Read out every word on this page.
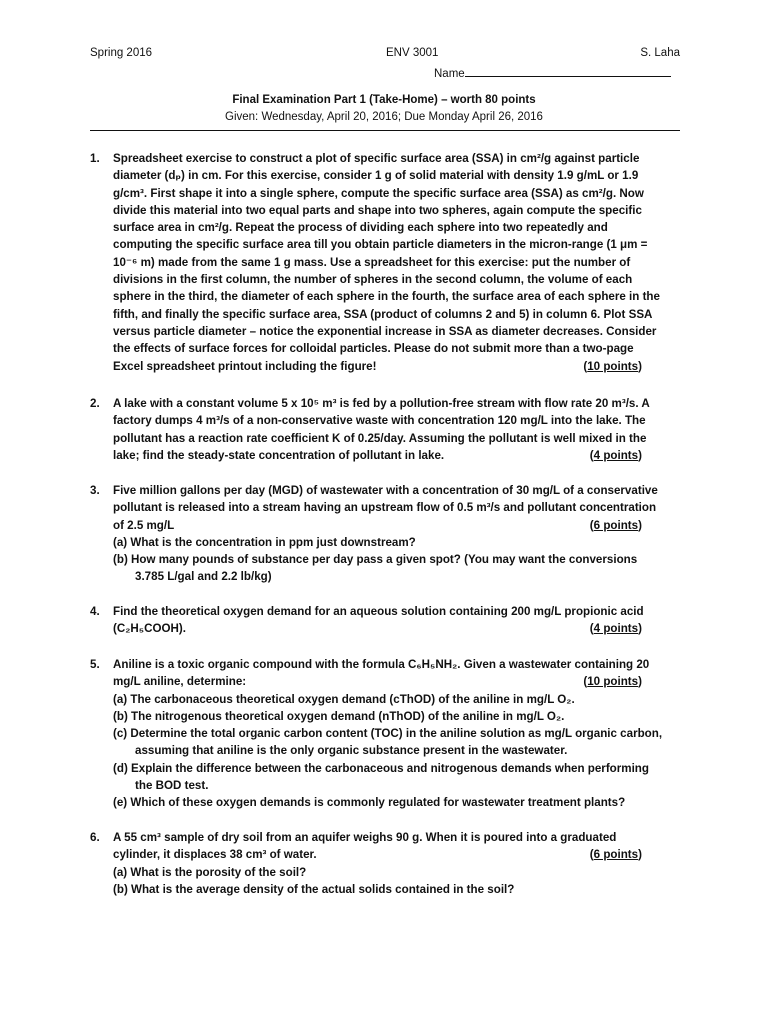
Spring 2016	ENV 3001	S. Laha
Name
Final Examination Part 1 (Take-Home) – worth 80 points
Given: Wednesday, April 20, 2016; Due Monday April 26, 2016
1.	Spreadsheet exercise to construct a plot of specific surface area (SSA) in cm²/g against particle
diameter (dₚ) in cm. For this exercise, consider 1 g of solid material with density 1.9 g/mL or 1.9
g/cm³. First shape it into a single sphere, compute the specific surface area (SSA) as cm²/g. Now
divide this material into two equal parts and shape into two spheres, again compute the specific
surface area in cm²/g. Repeat the process of dividing each sphere into two repeatedly and
computing the specific surface area till you obtain particle diameters in the micron-range (1 μm =
10⁻⁶ m) made from the same 1 g mass. Use a spreadsheet for this exercise: put the number of
divisions in the first column, the number of spheres in the second column, the volume of each
sphere in the third, the diameter of each sphere in the fourth, the surface area of each sphere in the
fifth, and finally the specific surface area, SSA (product of columns 2 and 5) in column 6. Plot SSA
versus particle diameter – notice the exponential increase in SSA as diameter decreases. Consider
the effects of surface forces for colloidal particles. Please do not submit more than a two-page
Excel spreadsheet printout including the figure!	(10 points)
2.	A lake with a constant volume 5 x 10⁵ m³ is fed by a pollution-free stream with flow rate 20 m³/s. A
factory dumps 4 m³/s of a non-conservative waste with concentration 120 mg/L into the lake. The
pollutant has a reaction rate coefficient K of 0.25/day. Assuming the pollutant is well mixed in the
lake; find the steady-state concentration of pollutant in lake.	(4 points)
3.	Five million gallons per day (MGD) of wastewater with a concentration of 30 mg/L of a conservative
pollutant is released into a stream having an upstream flow of 0.5 m³/s and pollutant concentration
of 2.5 mg/L	(6 points)
(a) What is the concentration in ppm just downstream?
(b) How many pounds of substance per day pass a given spot? (You may want the conversions
3.785 L/gal and 2.2 lb/kg)
4.	Find the theoretical oxygen demand for an aqueous solution containing 200 mg/L propionic acid
(C₂H₅COOH).	(4 points)
5.	Aniline is a toxic organic compound with the formula C₆H₅NH₂. Given a wastewater containing 20
mg/L aniline, determine:	(10 points)
(a) The carbonaceous theoretical oxygen demand (cThOD) of the aniline in mg/L O₂.
(b) The nitrogenous theoretical oxygen demand (nThOD) of the aniline in mg/L O₂.
(c) Determine the total organic carbon content (TOC) in the aniline solution as mg/L organic carbon,
assuming that aniline is the only organic substance present in the wastewater.
(d) Explain the difference between the carbonaceous and nitrogenous demands when performing
the BOD test.
(e) Which of these oxygen demands is commonly regulated for wastewater treatment plants?
6.	A 55 cm³ sample of dry soil from an aquifer weighs 90 g. When it is poured into a graduated
cylinder, it displaces 38 cm³ of water.	(6 points)
(a) What is the porosity of the soil?
(b) What is the average density of the actual solids contained in the soil?
